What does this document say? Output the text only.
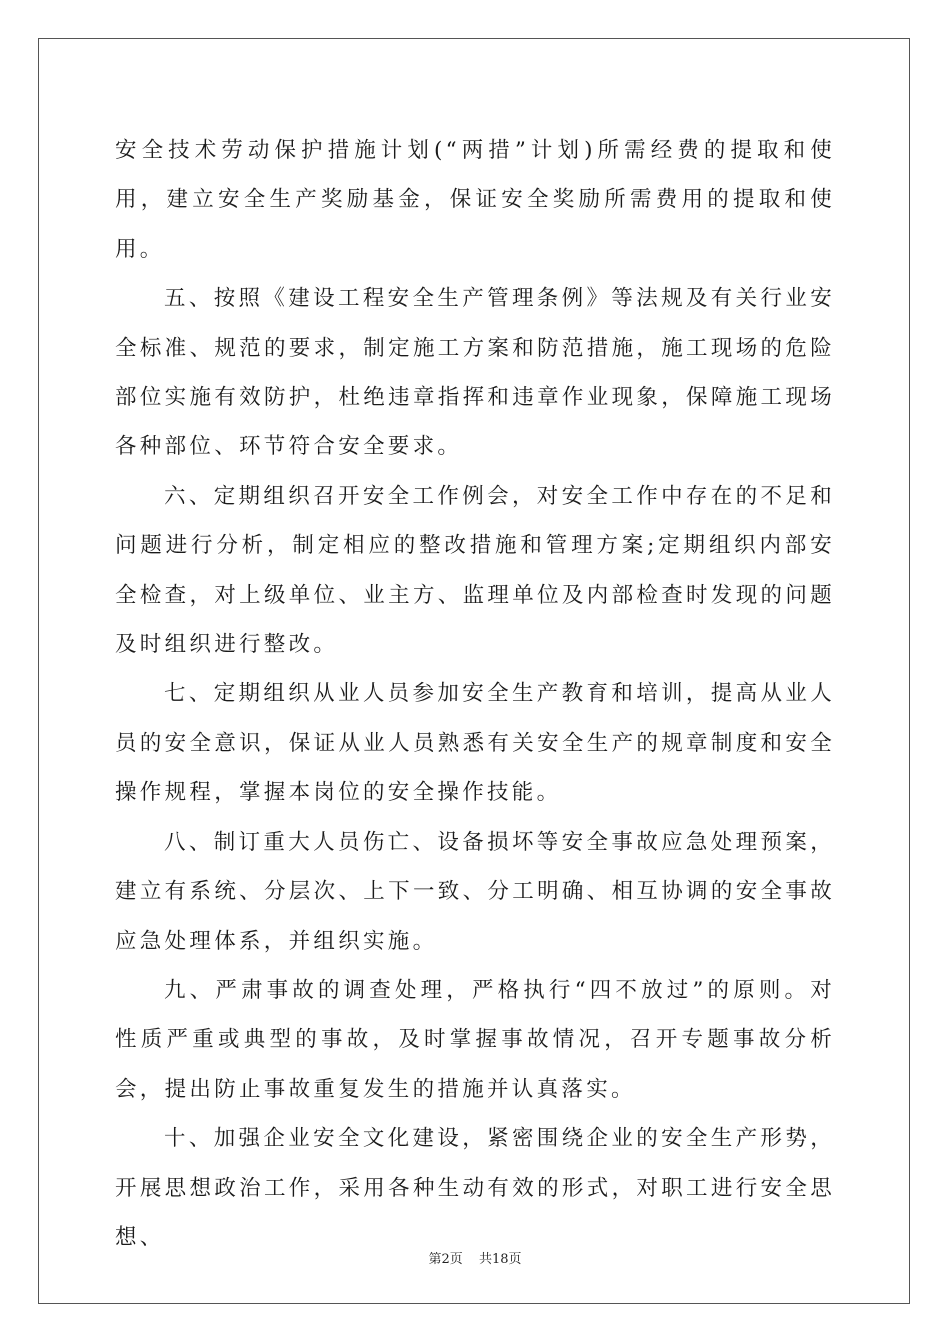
安全技术劳动保护措施计划(“两措”计划)所需经费的提取和使用，建立安全生产奖励基金，保证安全奖励所需费用的提取和使用。

五、按照《建设工程安全生产管理条例》等法规及有关行业安全标准、规范的要求，制定施工方案和防范措施，施工现场的危险部位实施有效防护，杜绝违章指挥和违章作业现象，保障施工现场各种部位、环节符合安全要求。

六、定期组织召开安全工作例会，对安全工作中存在的不足和问题进行分析，制定相应的整改措施和管理方案;定期组织内部安全检查，对上级单位、业主方、监理单位及内部检查时发现的问题及时组织进行整改。

七、定期组织从业人员参加安全生产教育和培训，提高从业人员的安全意识，保证从业人员熟悉有关安全生产的规章制度和安全操作规程，掌握本岗位的安全操作技能。

八、制订重大人员伤亡、设备损坏等安全事故应急处理预案，建立有系统、分层次、上下一致、分工明确、相互协调的安全事故应急处理体系，并组织实施。

九、严肃事故的调查处理，严格执行“四不放过”的原则。对性质严重或典型的事故，及时掌握事故情况，召开专题事故分析会，提出防止事故重复发生的措施并认真落实。

十、加强企业安全文化建设，紧密围绕企业的安全生产形势，开展思想政治工作，采用各种生动有效的形式，对职工进行安全思想、

第2页 共18页
